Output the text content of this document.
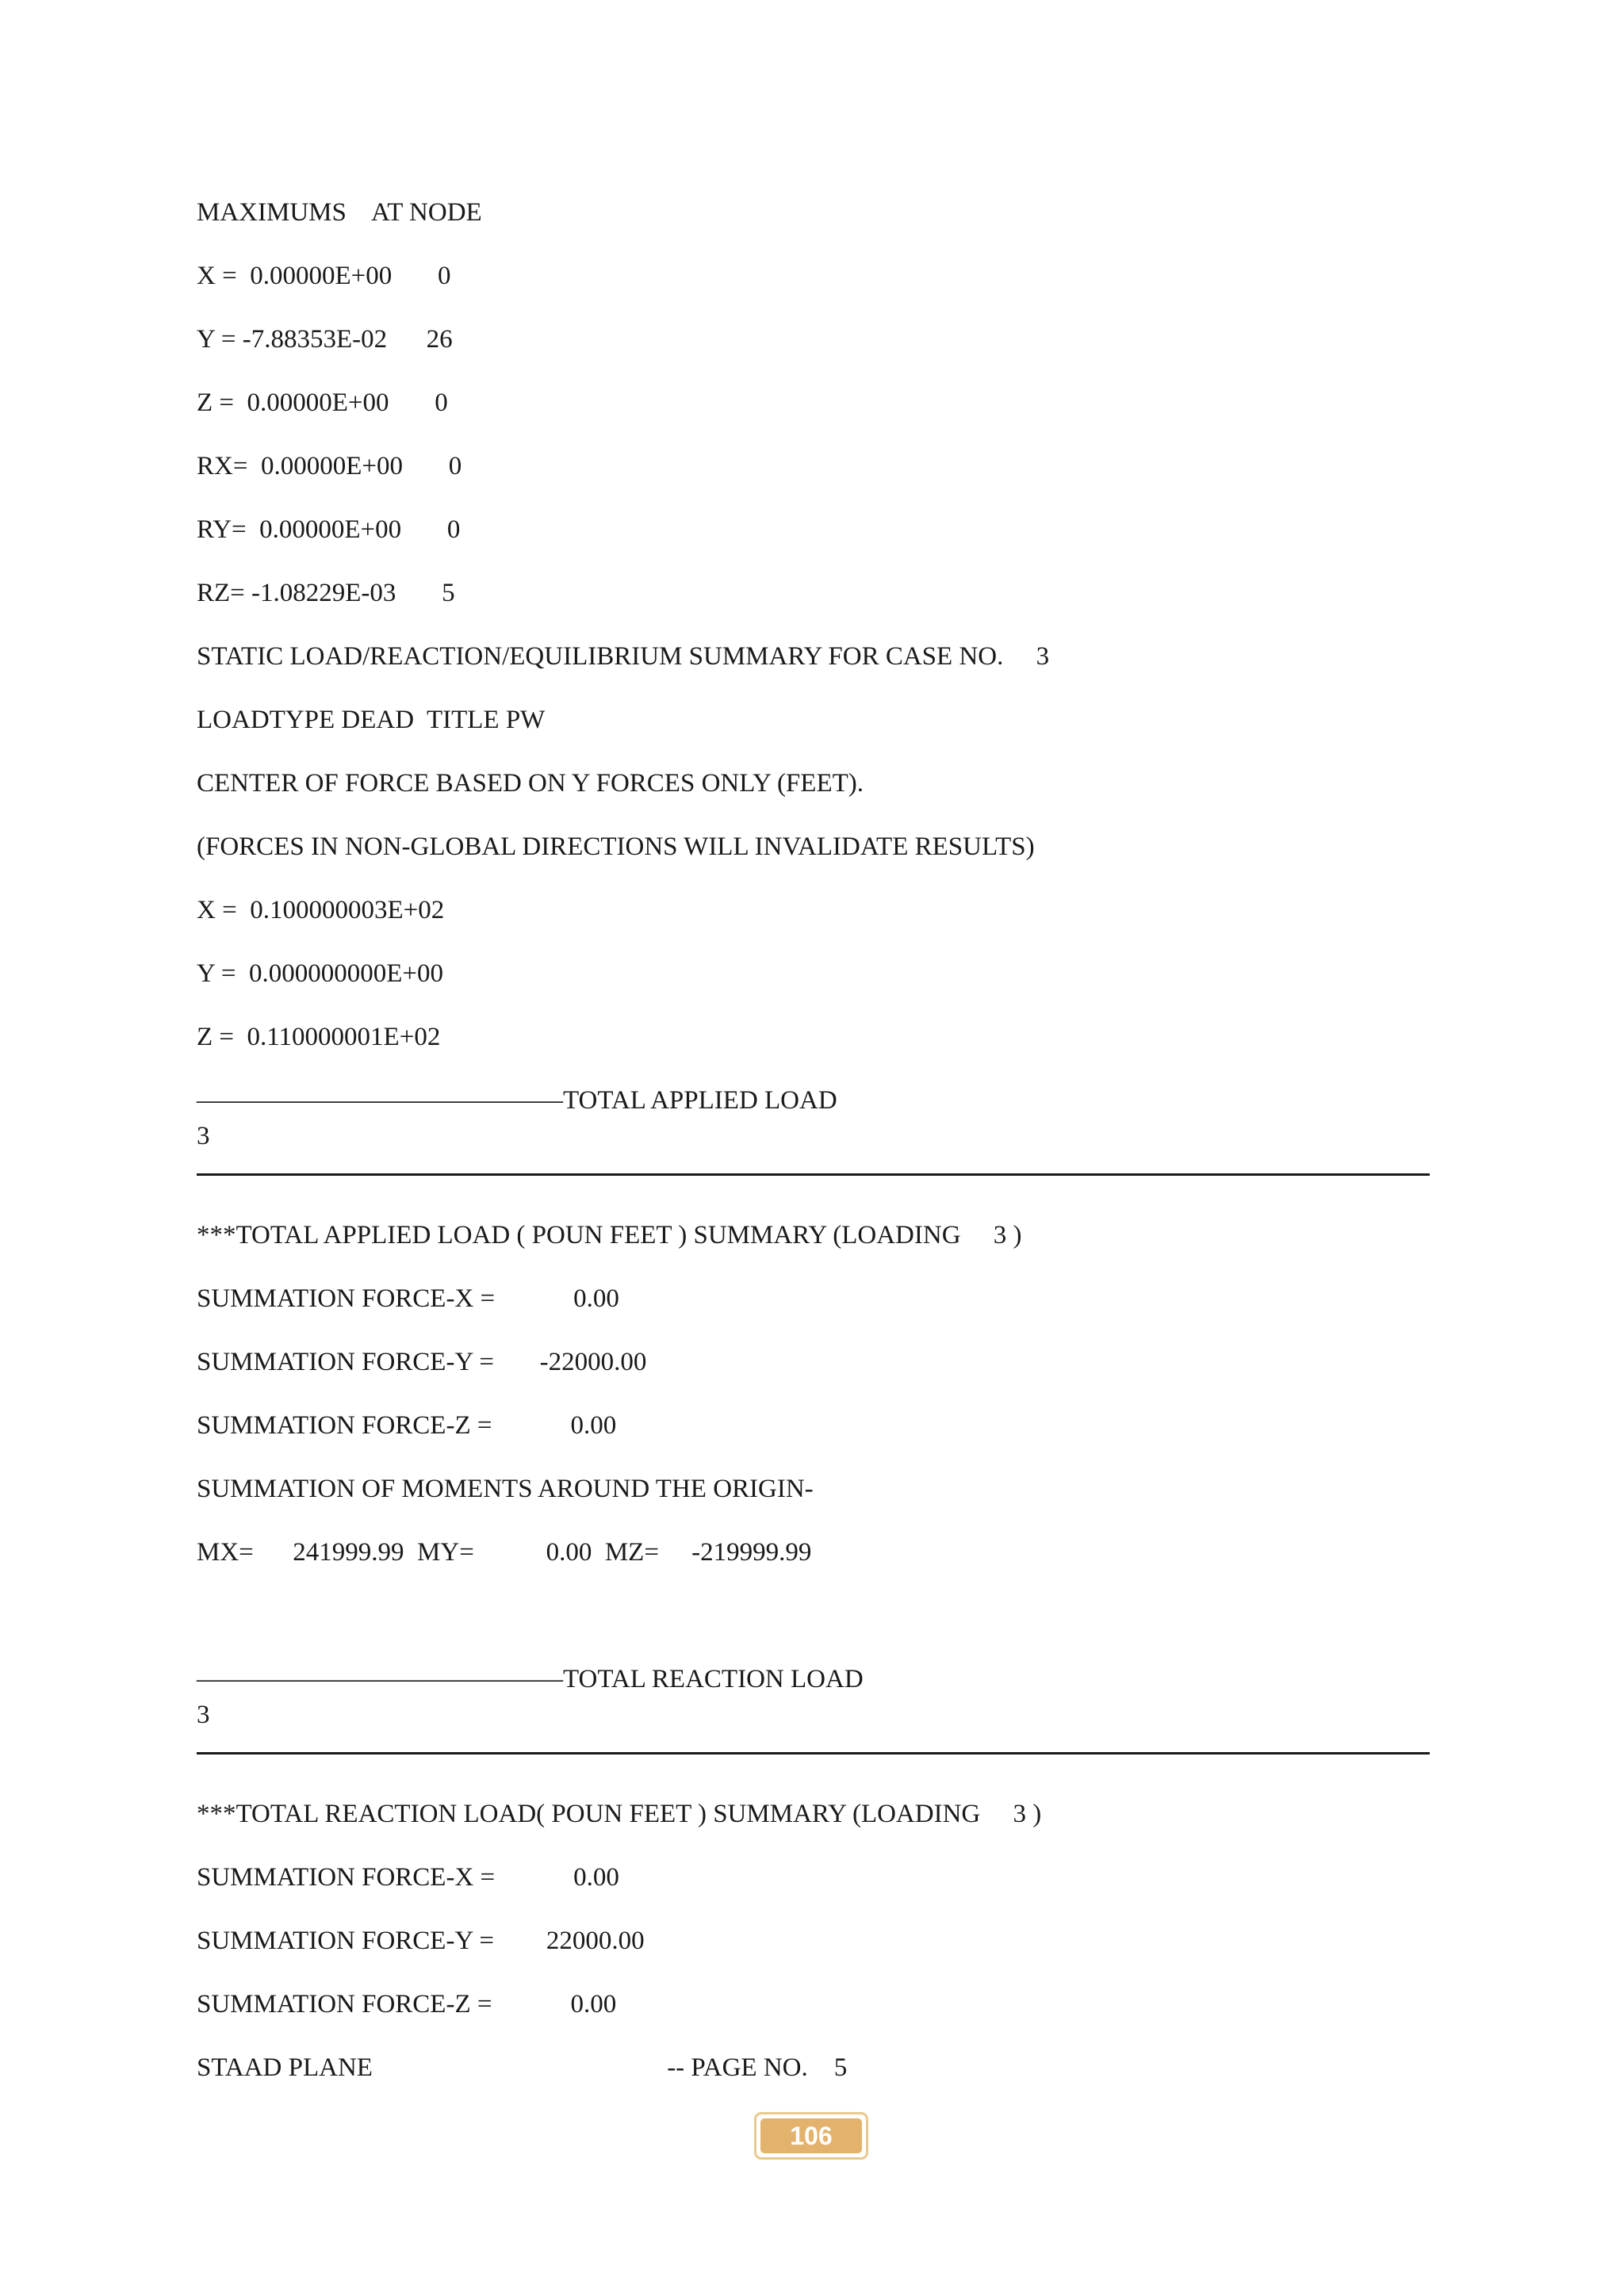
MAXIMUMS    AT NODE

X =  0.00000E+00       0

Y = -7.88353E-02      26

Z =  0.00000E+00       0

RX=  0.00000E+00       0

RY=  0.00000E+00       0

RZ= -1.08229E-03       5

STATIC LOAD/REACTION/EQUILIBRIUM SUMMARY FOR CASE NO.     3

LOADTYPE DEAD  TITLE PW

CENTER OF FORCE BASED ON Y FORCES ONLY (FEET).

(FORCES IN NON-GLOBAL DIRECTIONS WILL INVALIDATE RESULTS)

X =  0.100000003E+02

Y =  0.000000000E+00

Z =  0.110000001E+02

——————————————TOTAL APPLIED LOAD

3

***TOTAL APPLIED LOAD ( POUN FEET ) SUMMARY (LOADING     3 )

SUMMATION FORCE-X =            0.00

SUMMATION FORCE-Y =       -22000.00

SUMMATION FORCE-Z =            0.00

SUMMATION OF MOMENTS AROUND THE ORIGIN-

MX=      241999.99  MY=           0.00  MZ=     -219999.99

——————————————TOTAL REACTION LOAD

3

***TOTAL REACTION LOAD( POUN FEET ) SUMMARY (LOADING     3 )

SUMMATION FORCE-X =            0.00

SUMMATION FORCE-Y =        22000.00

SUMMATION FORCE-Z =            0.00

STAAD PLANE                                             -- PAGE NO.    5

106
